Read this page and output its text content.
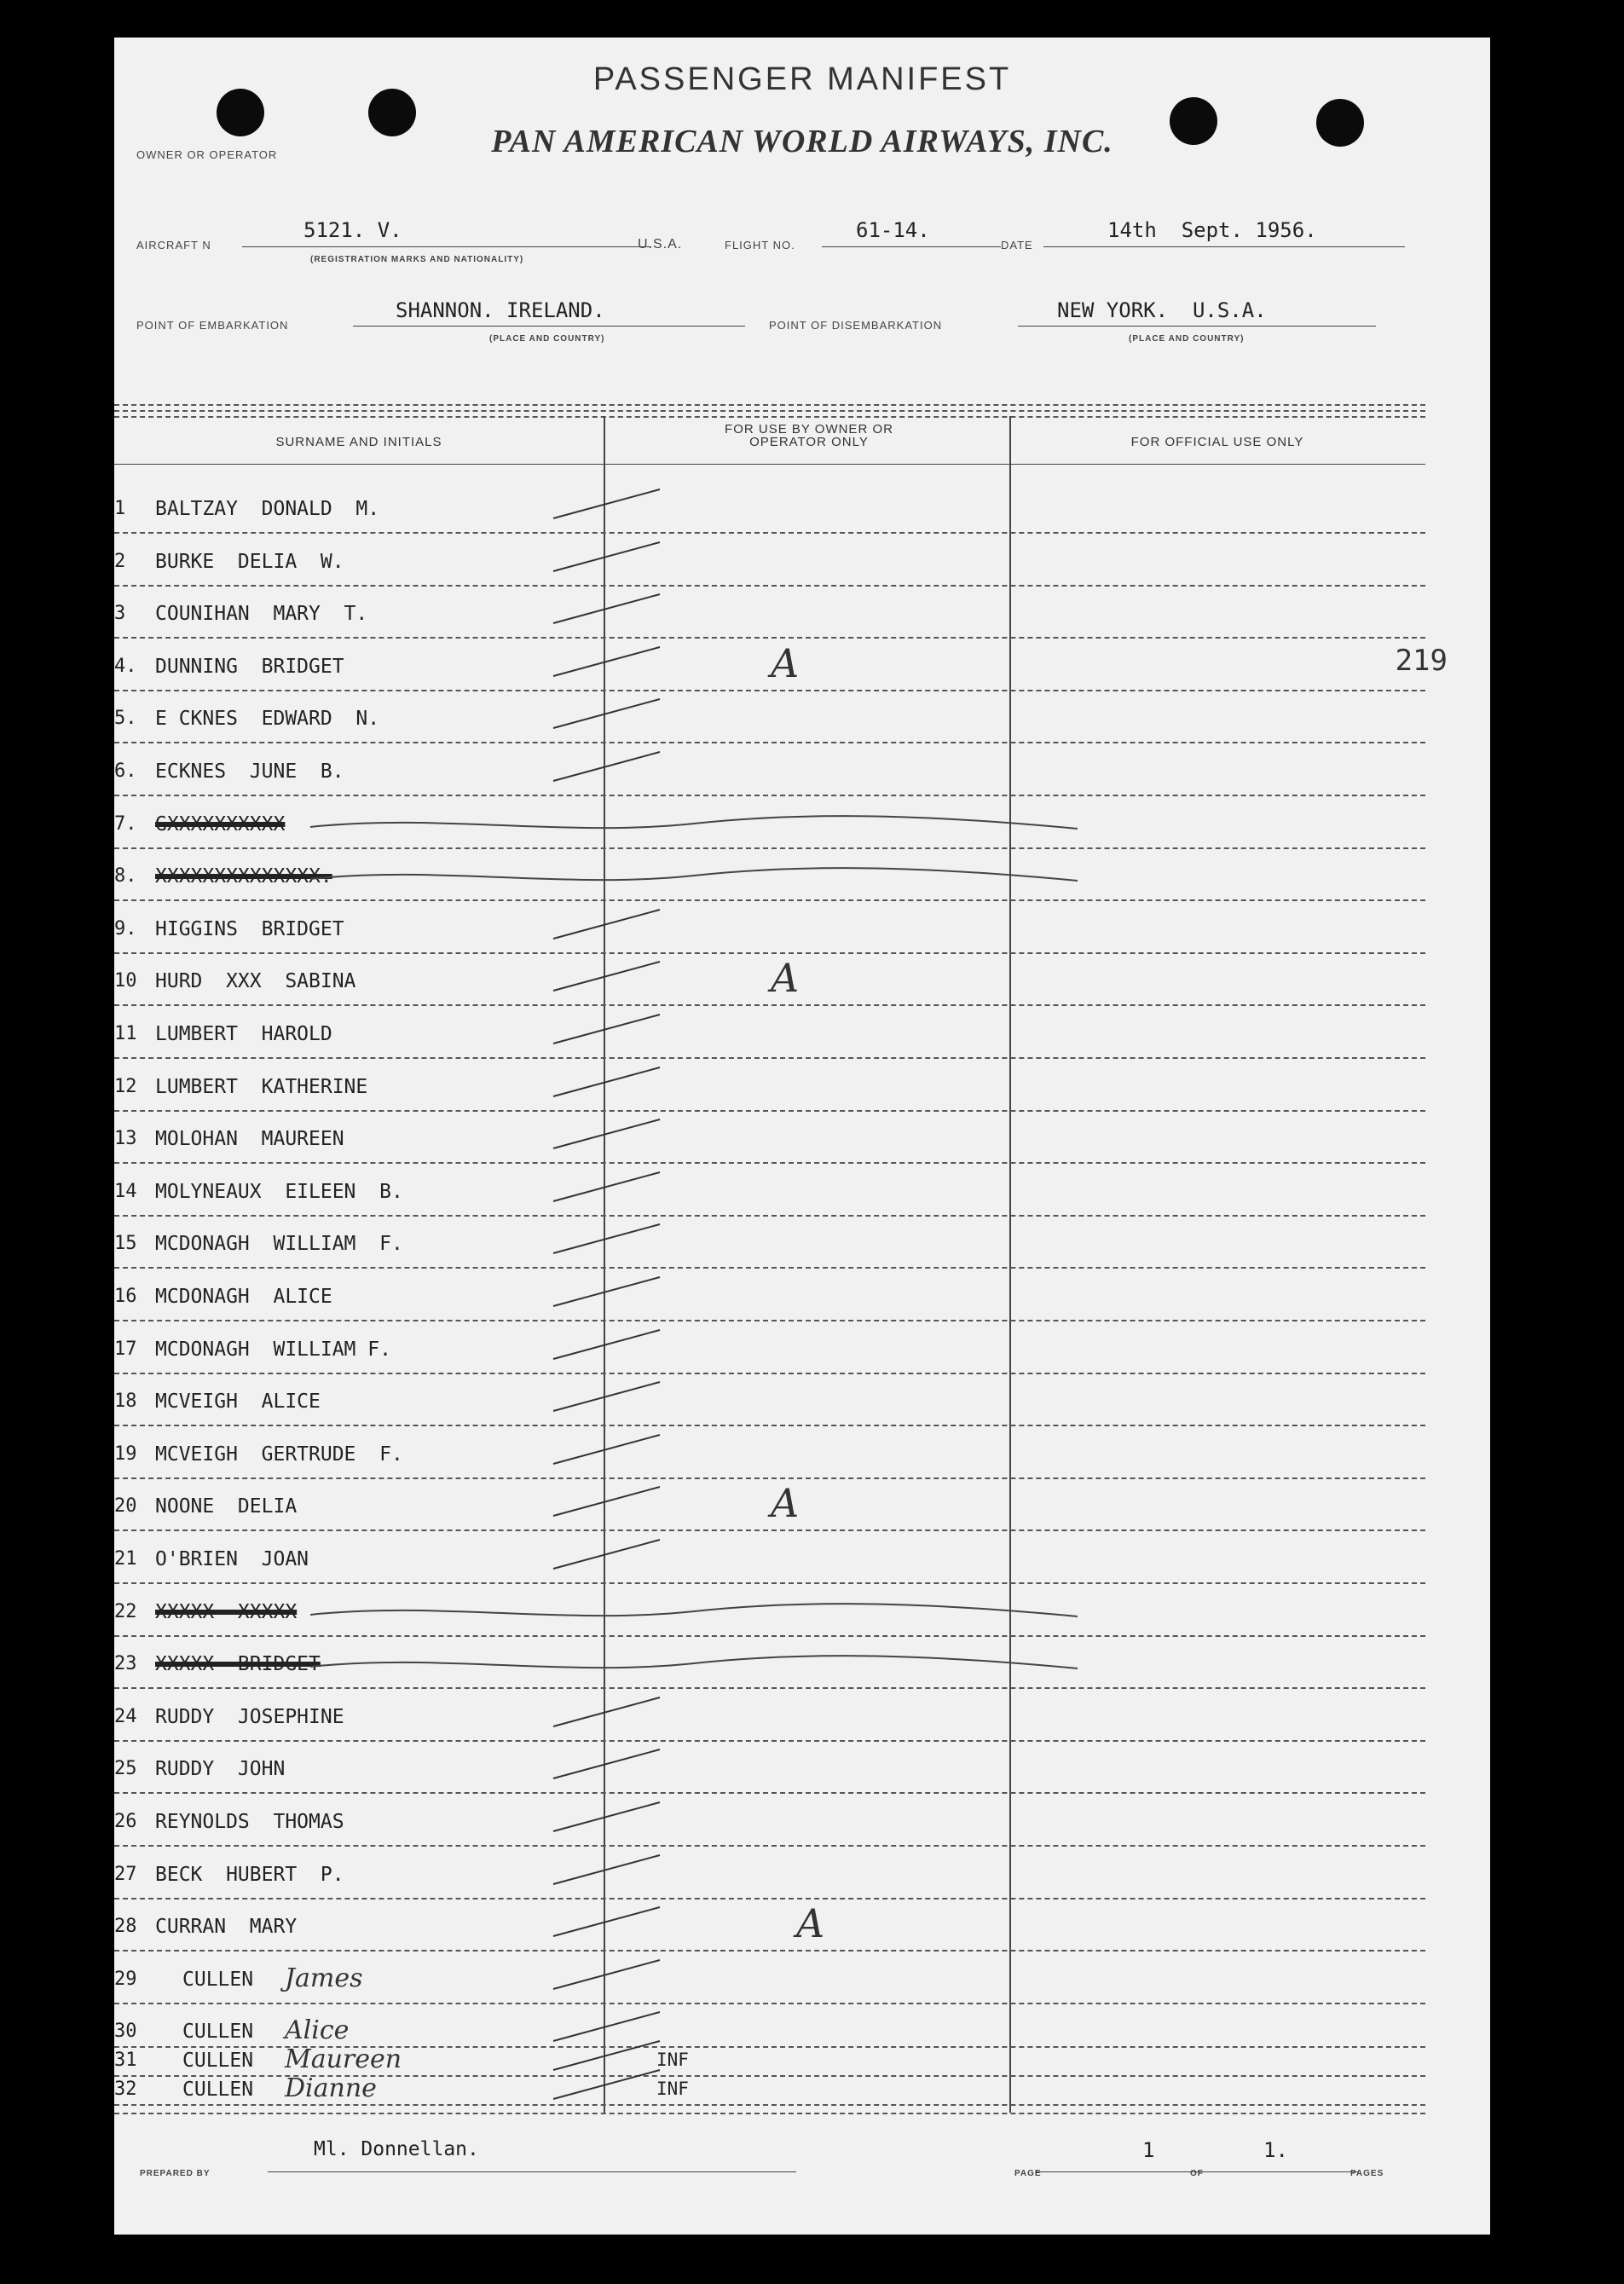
PASSENGER MANIFEST
OWNER OR OPERATOR	PAN AMERICAN WORLD AIRWAYS, INC.
AIRCRAFT N
5121. V.
(REGISTRATION MARKS AND NATIONALITY)
U.S.A.	FLIGHT NO.
61-14.
DATE
14th  Sept. 1956.
POINT OF EMBARKATION
SHANNON. IRELAND.
(PLACE AND COUNTRY)
POINT OF DISEMBARKATION
NEW YORK.  U.S.A.
(PLACE AND COUNTRY)
SURNAME AND INITIALS
FOR USE BY OWNER OR OPERATOR ONLY	FOR OFFICIAL USE ONLY
1	BALTZAY  DONALD  M.
2	BURKE  DELIA  W.
3	COUNIHAN  MARY  T.
4. DUNNING  BRIDGET	A	219
5. E CKNES  EDWARD  N.
6. ECKNES  JUNE  B.
7. GXXXXXXXXXX
8. XXXXXXXXXXXXXX.
9. HIGGINS  BRIDGET
10 HURD  XXX  SABINA	A
11 LUMBERT  HAROLD
12 LUMBERT  KATHERINE
13 MOLOHAN  MAUREEN
14 MOLYNEAUX  EILEEN  B.
15 MCDONAGH  WILLIAM  F.
16 MCDONAGH  ALICE
17 MCDONAGH  WILLIAM F.
18 MCVEIGH  ALICE
19 MCVEIGH  GERTRUDE  F.
20 NOONE  DELIA	A
21 O'BRIEN  JOAN
22 XXXXX  XXXXX
23 XXXXX  BRIDGET
24 RUDDY  JOSEPHINE
25 RUDDY  JOHN
26 REYNOLDS  THOMAS
27 BECK  HUBERT  P.
28 CURRAN  MARY	A
29	CULLEN James
30	CULLEN Alice
31	CULLEN Maureen	INF
32	CULLEN Dianne	INF
Ml. Donnellan.
PREPARED BY	PAGE
1
OF
1.
PAGES
